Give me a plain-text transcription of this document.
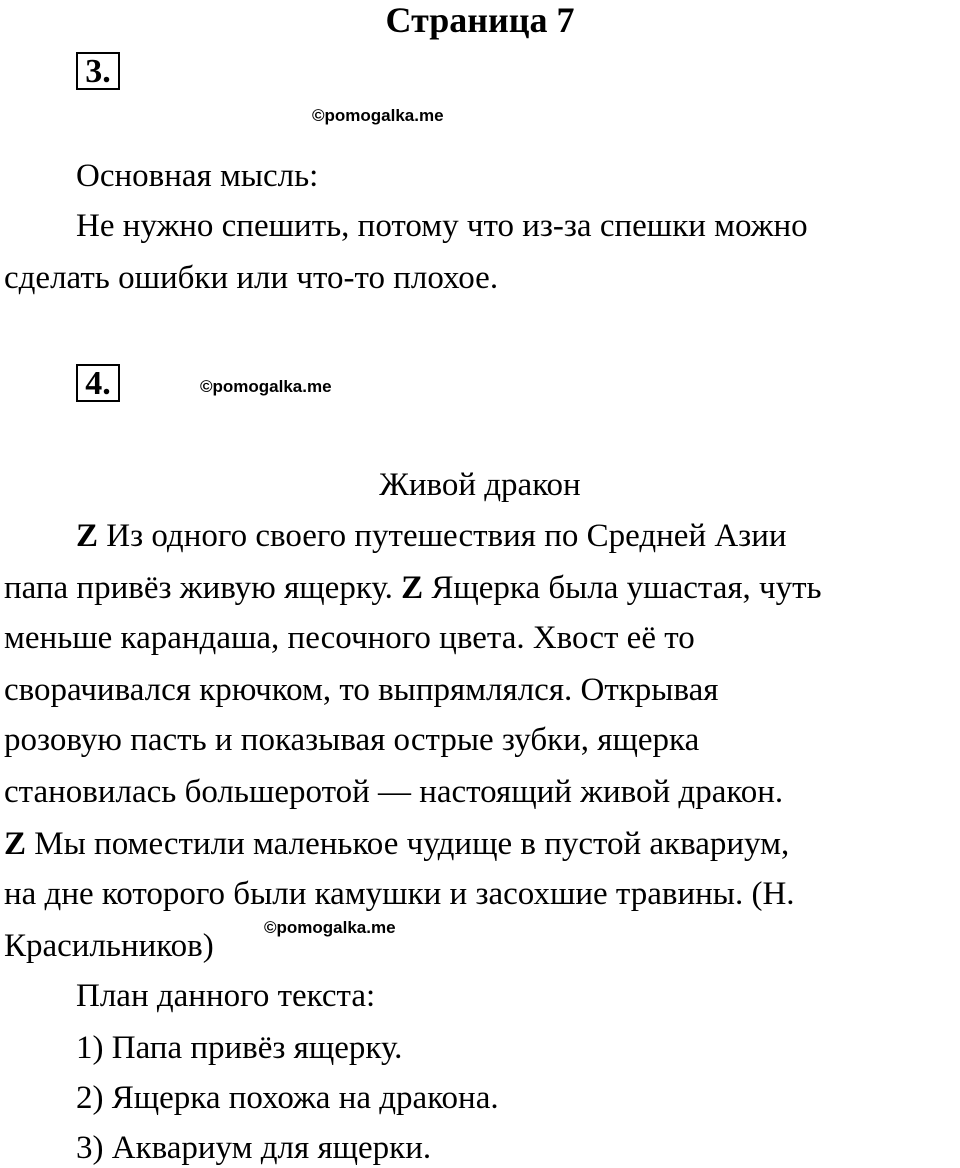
Страница 7
3.
©pomogalka.me
Основная мысль:
Не нужно спешить, потому что из-за спешки можно
сделать ошибки или что-то плохое.
4.	©pomogalka.me
Живой дракон
Z Из одного своего путешествия по Средней Азии
папа привёз живую ящерку. Z Ящерка была ушастая, чуть
меньше карандаша, песочного цвета. Хвост её то
сворачивался крючком, то выпрямлялся. Открывая
розовую пасть и показывая острые зубки, ящерка
становилась большеротой — настоящий живой дракон.
Z Мы поместили маленькое чудище в пустой аквариум,
на дне которого были камушки и засохшие травины. (Н.
Красильников)
©pomogalka.me
План данного текста:
1) Папа привёз ящерку.
2) Ящерка похожа на дракона.
3) Аквариум для ящерки.
